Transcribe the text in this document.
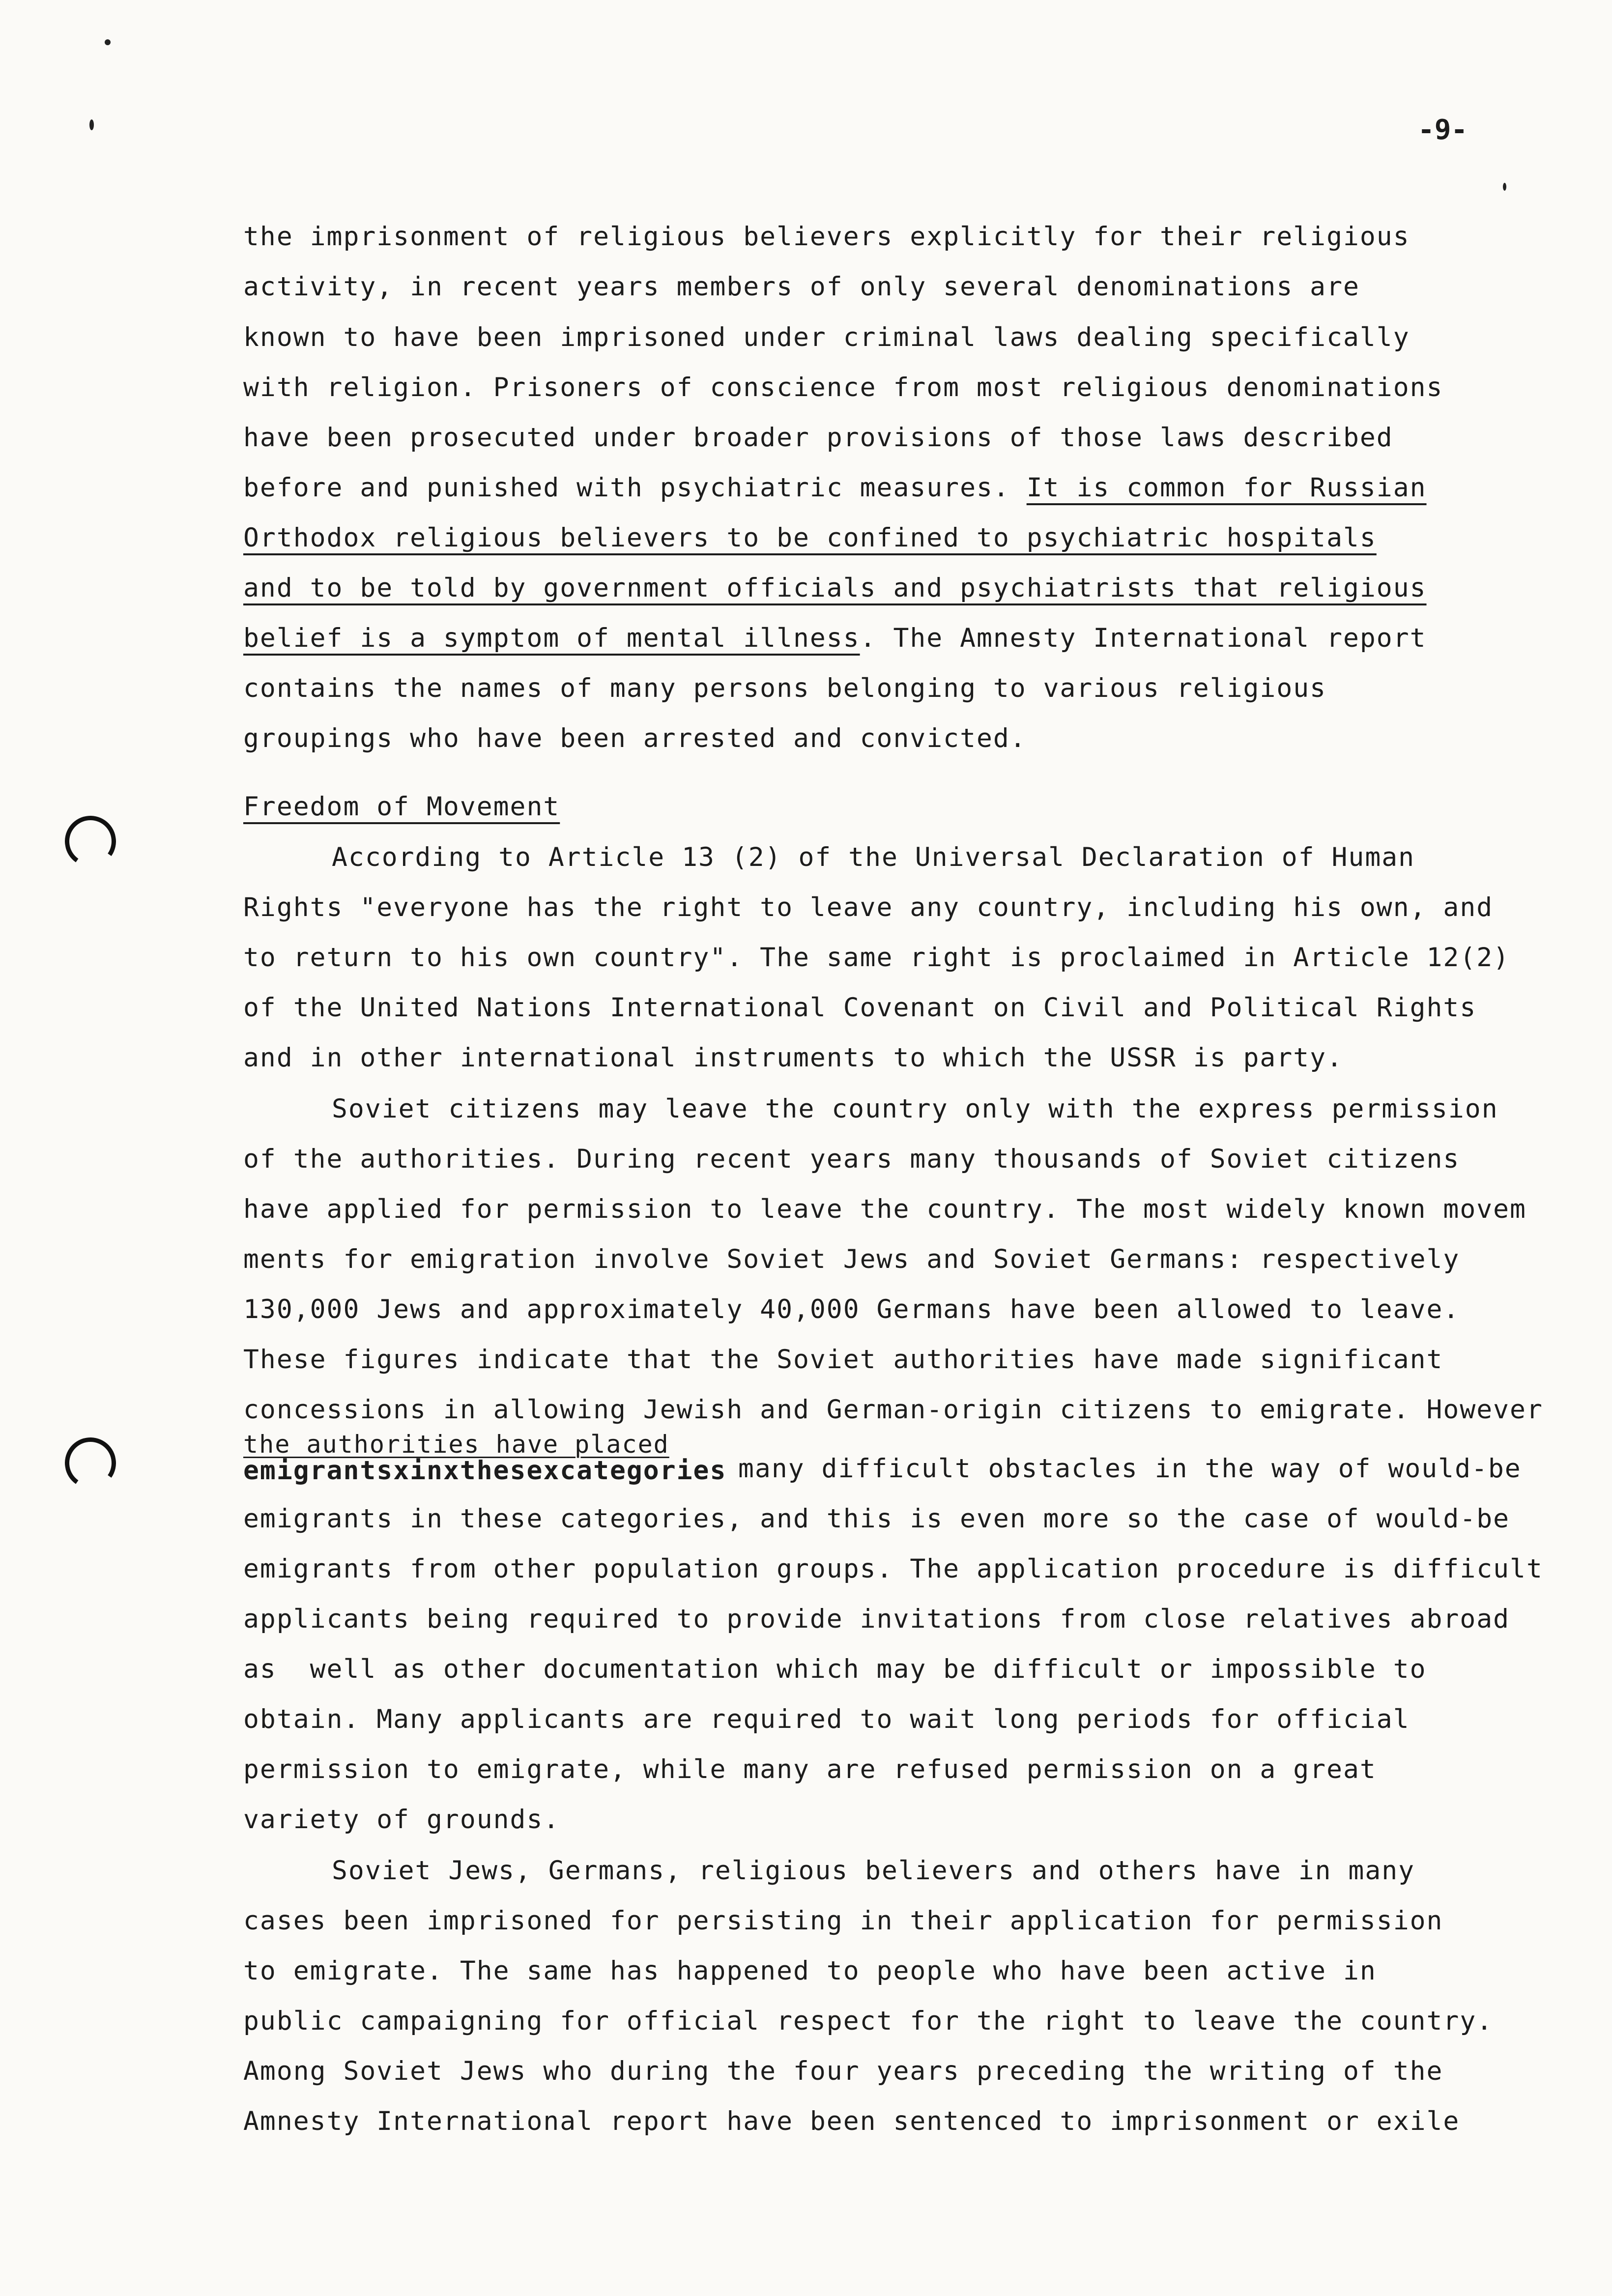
-9-
the imprisonment of religious believers explicitly for their religious
activity, in recent years members of only several denominations are
known to have been imprisoned under criminal laws dealing specifically
with religion. Prisoners of conscience from most religious denominations
have been prosecuted under broader provisions of those laws described
before and punished with psychiatric measures. It is common for Russian
Orthodox religious believers to be confined to psychiatric hospitals
and to be told by government officials and psychiatrists that religious
belief is a symptom of mental illness. The Amnesty International report
contains the names of many persons belonging to various religious
groupings who have been arrested and convicted.
Freedom of Movement
According to Article 13 (2) of the Universal Declaration of Human
Rights "everyone has the right to leave any country, including his own, and
to return to his own country". The same right is proclaimed in Article 12(2)
of the United Nations International Covenant on Civil and Political Rights
and in other international instruments to which the USSR is party.
Soviet citizens may leave the country only with the express permission
of the authorities. During recent years many thousands of Soviet citizens
have applied for permission to leave the country. The most widely known movem
ments for emigration involve Soviet Jews and Soviet Germans: respectively
130,000 Jews and approximately 40,000 Germans have been allowed to leave.
These figures indicate that the Soviet authorities have made significant
concessions in allowing Jewish and German-origin citizens to emigrate. However
the authorities have placed
emigrantsxinxthesexcategories many difficult obstacles in the way of would-be
emigrants in these categories, and this is even more so the case of would-be
emigrants from other population groups. The application procedure is difficult
applicants being required to provide invitations from close relatives abroad
as  well as other documentation which may be difficult or impossible to
obtain. Many applicants are required to wait long periods for official
permission to emigrate, while many are refused permission on a great
variety of grounds.
Soviet Jews, Germans, religious believers and others have in many
cases been imprisoned for persisting in their application for permission
to emigrate. The same has happened to people who have been active in
public campaigning for official respect for the right to leave the country.
Among Soviet Jews who during the four years preceding the writing of the
Amnesty International report have been sentenced to imprisonment or exile
